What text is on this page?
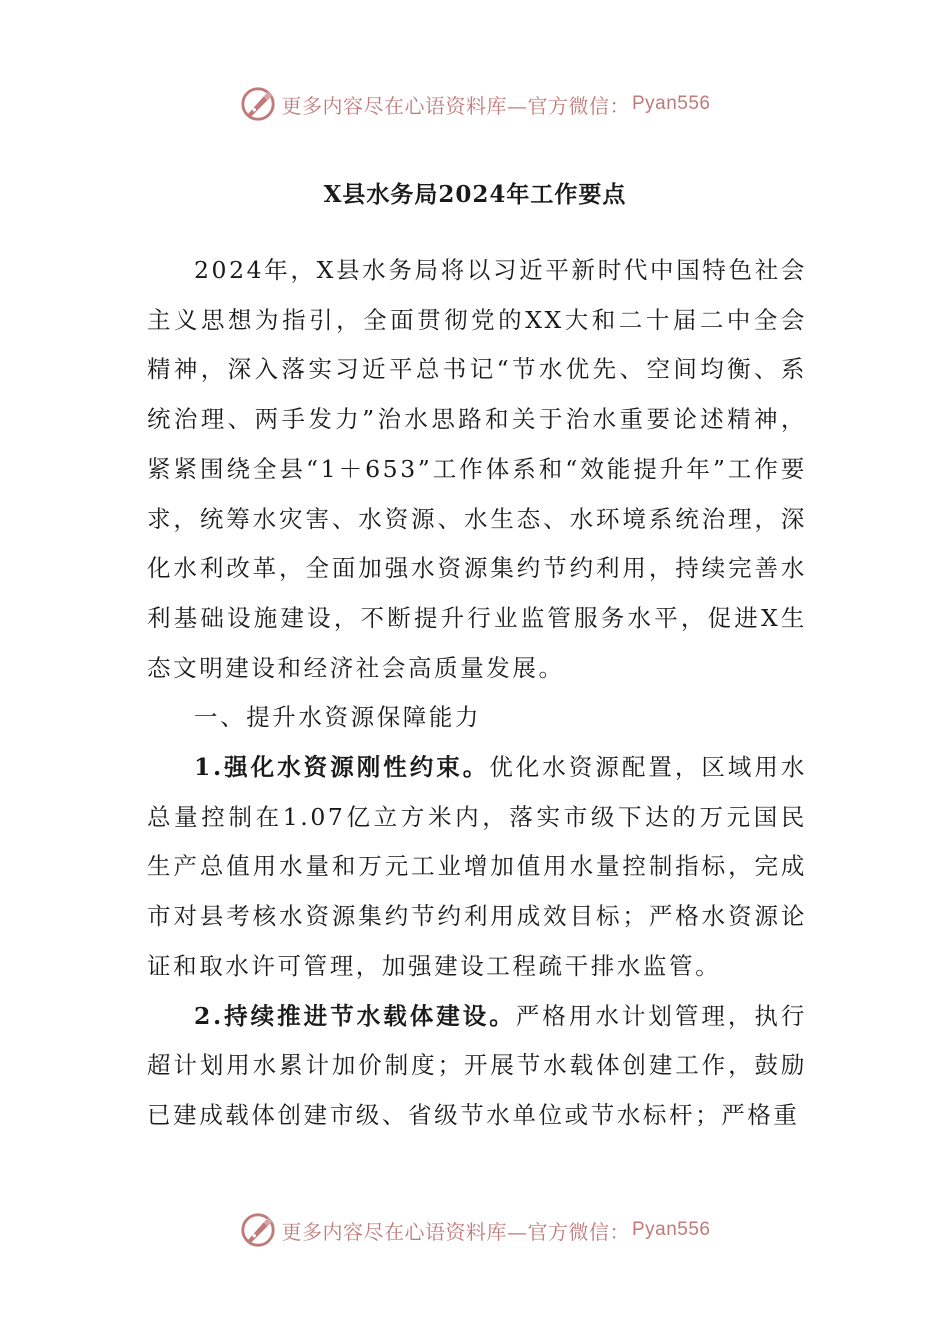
更多内容尽在心语资料库—官方微信： Pyan556
X县水务局2024年工作要点

2024年，X县水务局将以习近平新时代中国特色社会主义思想为指引，全面贯彻党的XX大和二十届二中全会精神，深入落实习近平总书记“节水优先、空间均衡、系统治理、两手发力”治水思路和关于治水重要论述精神，紧紧围绕全县“1＋653”工作体系和“效能提升年”工作要求，统筹水灾害、水资源、水生态、水环境系统治理，深化水利改革，全面加强水资源集约节约利用，持续完善水利基础设施建设，不断提升行业监管服务水平，促进X生态文明建设和经济社会高质量发展。

一、提升水资源保障能力

1.强化水资源刚性约束。优化水资源配置，区域用水总量控制在1.07亿立方米内，落实市级下达的万元国民生产总值用水量和万元工业增加值用水量控制指标，完成市对县考核水资源集约节约利用成效目标；严格水资源论证和取水许可管理，加强建设工程疏干排水监管。

2.持续推进节水载体建设。严格用水计划管理，执行超计划用水累计加价制度；开展节水载体创建工作，鼓励已建成载体创建市级、省级节水单位或节水标杆；严格重

更多内容尽在心语资料库—官方微信： Pyan556
